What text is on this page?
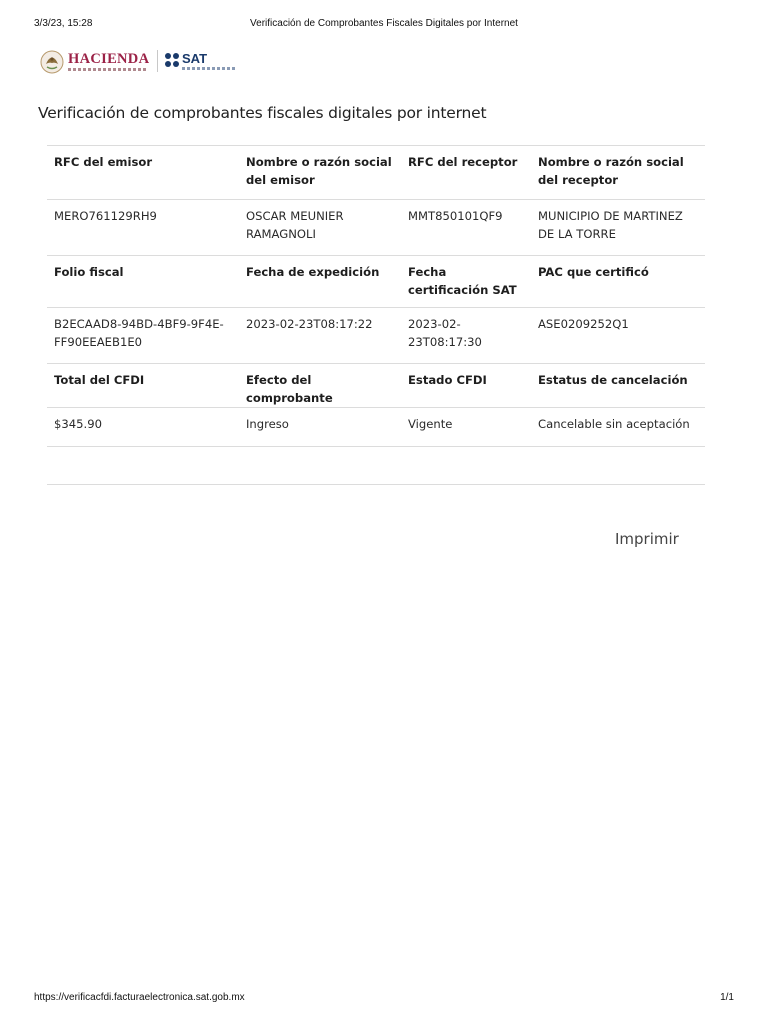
3/3/23, 15:28	Verificación de Comprobantes Fiscales Digitales por Internet
HACIENDA	SAT
Verificación de comprobantes fiscales digitales por internet
RFC del emisor	Nombre o razón social del emisor	RFC del receptor	Nombre o razón social del receptor
MERO761129RH9	OSCAR MEUNIER RAMAGNOLI	MMT850101QF9	MUNICIPIO DE MARTINEZ DE LA TORRE
Folio fiscal	Fecha de expedición	Fecha certificación SAT	PAC que certificó
B2ECAAD8-94BD-4BF9-9F4E-FF90EEAEB1E0	2023-02-23T08:17:22	2023-02-23T08:17:30	ASE0209252Q1
Total del CFDI	Efecto del comprobante	Estado CFDI	Estatus de cancelación
$345.90	Ingreso	Vigente	Cancelable sin aceptación

Imprimir
https://verificacfdi.facturaelectronica.sat.gob.mx	1/1
